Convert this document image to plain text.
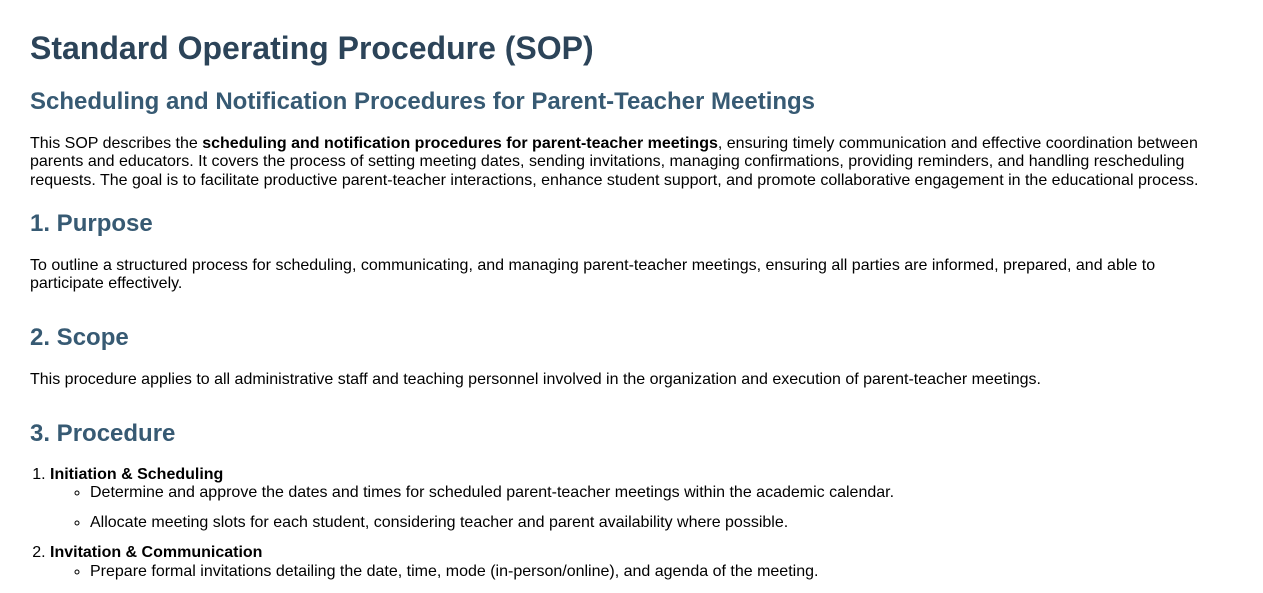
Standard Operating Procedure (SOP)
Scheduling and Notification Procedures for Parent-Teacher Meetings

This SOP describes the scheduling and notification procedures for parent-teacher meetings, ensuring timely communication and effective coordination between parents and educators. It covers the process of setting meeting dates, sending invitations, managing confirmations, providing reminders, and handling rescheduling requests. The goal is to facilitate productive parent-teacher interactions, enhance student support, and promote collaborative engagement in the educational process.

1. Purpose

To outline a structured process for scheduling, communicating, and managing parent-teacher meetings, ensuring all parties are informed, prepared, and able to participate effectively.

2. Scope

This procedure applies to all administrative staff and teaching personnel involved in the organization and execution of parent-teacher meetings.

3. Procedure
1. Initiation & Scheduling
◦ Determine and approve the dates and times for scheduled parent-teacher meetings within the academic calendar.
◦ Allocate meeting slots for each student, considering teacher and parent availability where possible.
2. Invitation & Communication
◦ Prepare formal invitations detailing the date, time, mode (in-person/online), and agenda of the meeting.
